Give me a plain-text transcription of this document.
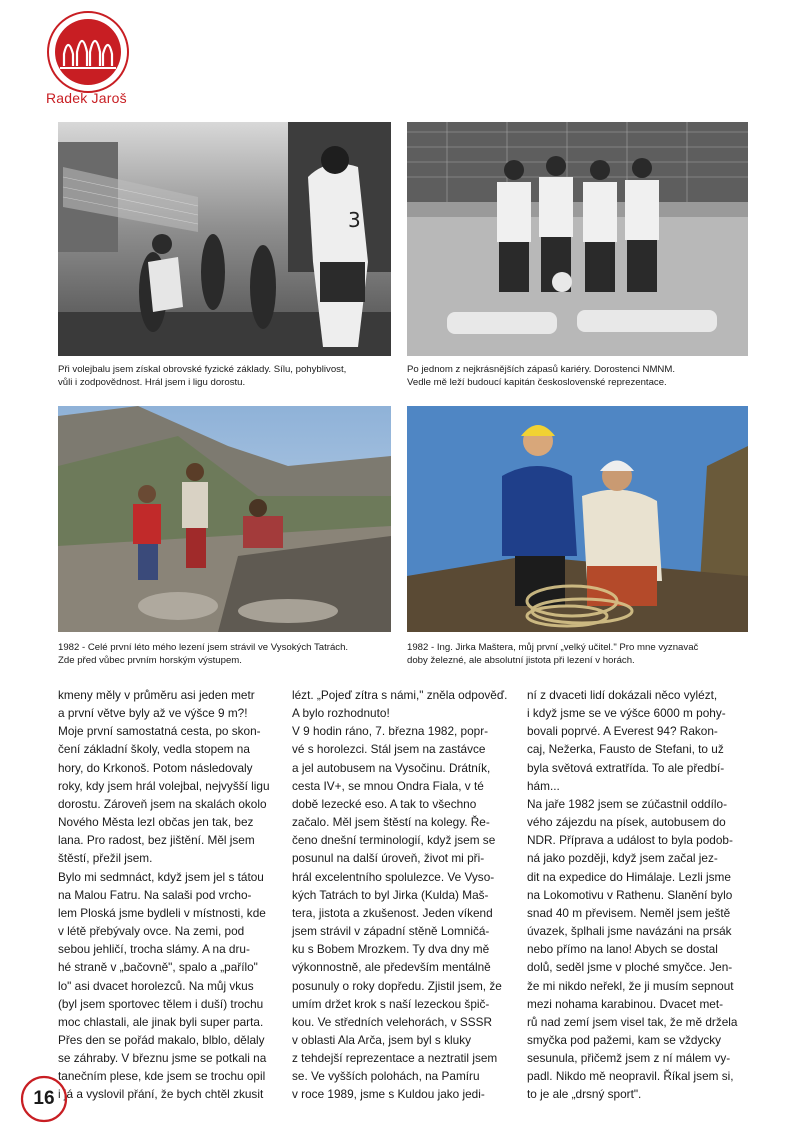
Radek Jaroš
3
Při volejbalu jsem získal obrovské fyzické základy. Sílu, pohyblivost,
vůli i zodpovědnost. Hrál jsem i ligu dorostu.
Po jednom z nejkrásnějších zápasů kariéry. Dorostenci NMNM.
Vedle mě leží budoucí kapitán československé reprezentace.
1982 - Celé první léto mého lezení jsem strávil ve Vysokých Tatrách.
Zde před vůbec prvním horským výstupem.
1982 - Ing. Jirka Maštera, můj první „velký učitel." Pro mne vyznavač
doby železné, ale absolutní jistota při lezení v horách.
kmeny měly v průměru asi jeden metr
a první větve byly až ve výšce 9 m?!
Moje první samostatná cesta, po skon-
čení základní školy, vedla stopem na
hory, do Krkonoš. Potom následovaly
roky, kdy jsem hrál volejbal, nejvyšší ligu
dorostu. Zároveň jsem na skalách okolo
Nového Města lezl občas jen tak, bez
lana. Pro radost, bez jištění. Měl jsem
štěstí, přežil jsem.
Bylo mi sedmnáct, když jsem jel s tátou
na Malou Fatru. Na salaši pod vrcho-
lem Ploská jsme bydleli v místnosti, kde
v létě přebývaly ovce. Na zemi, pod
sebou jehličí, trocha slámy. A na dru-
hé straně v „bačovně", spalo a „pařílo"
lo" asi dvacet horolezců. Na můj vkus
(byl jsem sportovec tělem i duší) trochu
moc chlastali, ale jinak byli super parta.
Přes den se pořád makalo, blblo, dělaly
se záhraby. V březnu jsme se potkali na
tanečním plese, kde jsem se trochu opil
i já a vyslovil přání, že bych chtěl zkusit
lézt. „Pojeď zítra s námi," zněla odpověď.
A bylo rozhodnuto!
V 9 hodin ráno, 7. března 1982, popr-
vé s horolezci. Stál jsem na zastávce
a jel autobusem na Vysočinu. Drátník,
cesta IV+, se mnou Ondra Fiala, v té
době lezecké eso. A tak to všechno
začalo. Měl jsem štěstí na kolegy. Ře-
čeno dnešní terminologií, když jsem se
posunul na další úroveň, život mi při-
hrál excelentního spolulezce. Ve Vyso-
kých Tatrách to byl Jirka (Kulda) Maš-
tera, jistota a zkušenost. Jeden víkend
jsem strávil v západní stěně Lomničá-
ku s Bobem Mrozkem. Ty dva dny mě
výkonnostně, ale především mentálně
posunuly o roky dopředu. Zjistil jsem, že
umím držet krok s naší lezeckou špič-
kou. Ve středních velehorách, v SSSR
v oblasti Ala Arča, jsem byl s kluky
z tehdejší reprezentace a neztratil jsem
se. Ve vyšších polohách, na Pamíru
v roce 1989, jsme s Kuldou jako jedi-
ní z dvaceti lidí dokázali něco vylézt,
i když jsme se ve výšce 6000 m pohy-
bovali poprvé. A Everest 94? Rakon-
caj, Nežerka, Fausto de Stefani, to už
byla světová extratřída. To ale předbí-
hám...
Na jaře 1982 jsem se zúčastnil oddílo-
vého zájezdu na písek, autobusem do
NDR. Příprava a událost to byla podob-
ná jako později, když jsem začal jez-
dit na expedice do Himálaje. Lezli jsme
na Lokomotivu v Rathenu. Slanění bylo
snad 40 m převisem. Neměl jsem ještě
úvazek, šplhali jsme navázáni na prsák
nebo přímo na lano! Abych se dostal
dolů, seděl jsme v ploché smyčce. Jen-
že mi nikdo neřekl, že ji musím sepnout
mezi nohama karabinou. Dvacet met-
rů nad zemí jsem visel tak, že mě držela
smyčka pod pažemi, kam se vždycky
sesunula, přičemž jsem z ní málem vy-
padl. Nikdo mě neopravil. Říkal jsem si,
to je ale „drsný sport".
16
